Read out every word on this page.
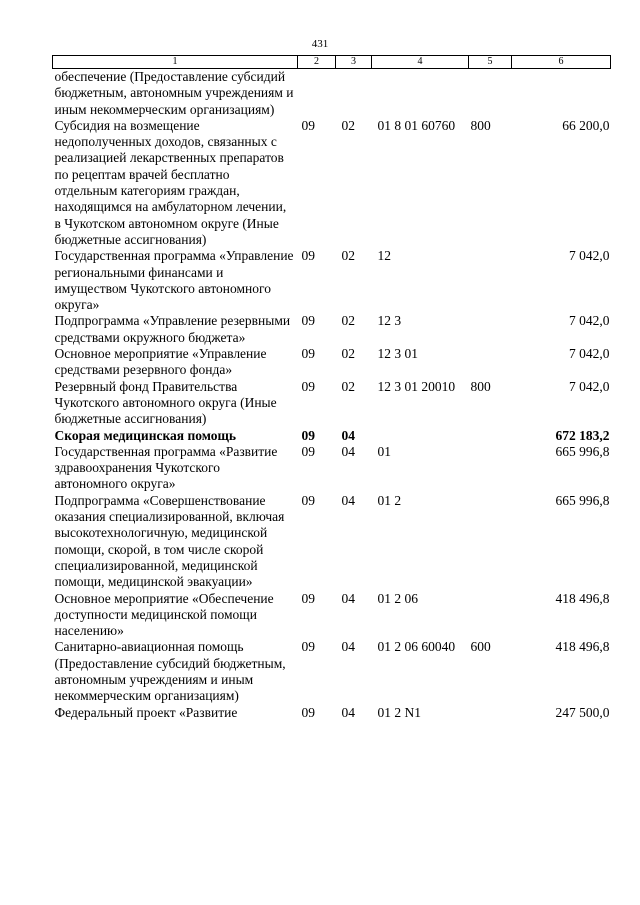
431
1	2	3	4	5	6
обеспечение (Предоставление субсидий бюджетным, автономным учреждениям и иным некоммерческим организациям)					
Субсидия на возмещение недополученных доходов, связанных с реализацией лекарственных препаратов по рецептам врачей бесплатно отдельным категориям граждан, находящимся на амбулаторном лечении, в Чукотском автономном округе (Иные бюджетные ассигнования)	09	02	01 8 01 60760	800	66 200,0
Государственная программа «Управление региональными финансами и имуществом Чукотского автономного округа»	09	02	12		7 042,0
Подпрограмма «Управление резервными средствами окружного бюджета»	09	02	12 3		7 042,0
Основное мероприятие «Управление средствами резервного фонда»	09	02	12 3 01		7 042,0
Резервный фонд Правительства Чукотского автономного округа (Иные бюджетные ассигнования)	09	02	12 3 01 20010	800	7 042,0
Скорая медицинская помощь	09	04			672 183,2
Государственная программа «Развитие здравоохранения Чукотского автономного округа»	09	04	01		665 996,8
Подпрограмма «Совершенствование оказания специализированной, включая высокотехнологичную, медицинской помощи, скорой, в том числе скорой специализированной, медицинской помощи, медицинской эвакуации»	09	04	01 2		665 996,8
Основное мероприятие «Обеспечение доступности медицинской помощи населению»	09	04	01 2 06		418 496,8
Санитарно-авиационная помощь (Предоставление субсидий бюджетным, автономным учреждениям и иным некоммерческим организациям)	09	04	01 2 06 60040	600	418 496,8
Федеральный проект «Развитие	09	04	01 2 N1		247 500,0
